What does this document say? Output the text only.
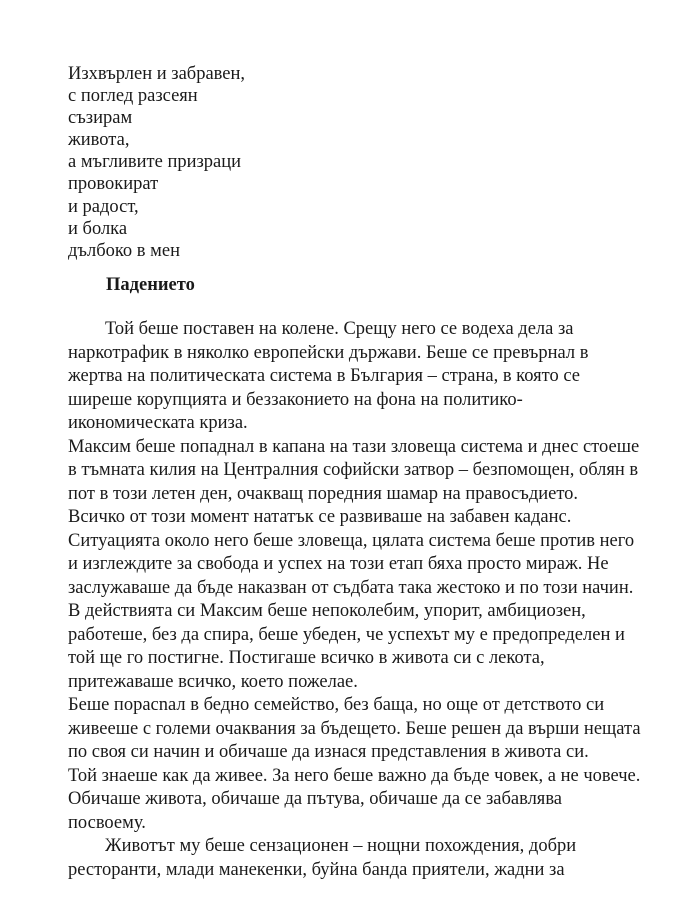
Изхвърлен и забравен,
с поглед разсеян
съзирам
живота,
а мъгливите призраци
провокират
и радост,
и болка
дълбоко в мен
Падението
Той беше поставен на колене. Срещу него се водеха дела за
наркотрафик в няколко европейски държави. Беше се превърнал в
жертва на политическата система в България – страна, в която се
ширеше корупцията и беззаконието на фона на политико-
икономическата криза.
Максим беше попаднал в капана на тази зловеща система и днес стоеше
в тъмната килия на Централния софийски затвор – безпомощен, облян в
пот в този летен ден, очакващ поредния шамар на правосъдието.
Всичко от този момент нататък се развиваше на забавен каданс.
Ситуацията около него беше зловеща, цялата система беше против него
и изглеждите за свобода и успех на този етап бяха просто мираж. Не
заслужаваше да бъде наказван от съдбата така жестоко и по този начин.
В действията си Максим беше непоколебим, упорит, амбициозен,
работеше, без да спира, беше убеден, че успехът му е предопределен и
той ще го постигне. Постигаше всичко в живота си с лекота,
притежаваше всичко, което пожелае.
Беше порасnал в бедно семейство, без баща, но още от детството си
живееше с големи очаквания за бъдещето. Беше решен да върши нещата
по своя си начин и обичаше да изнася представления в живота си.
Той знаеше как да живее. За него беше важно да бъде човек, а не човече.
Обичаше живота, обичаше да пътува, обичаше да се забавлява
посвоему.
Животът му беше сензационен – нощни похождения, добри
ресторанти, млади манекенки, буйна банда приятели, жадни за
